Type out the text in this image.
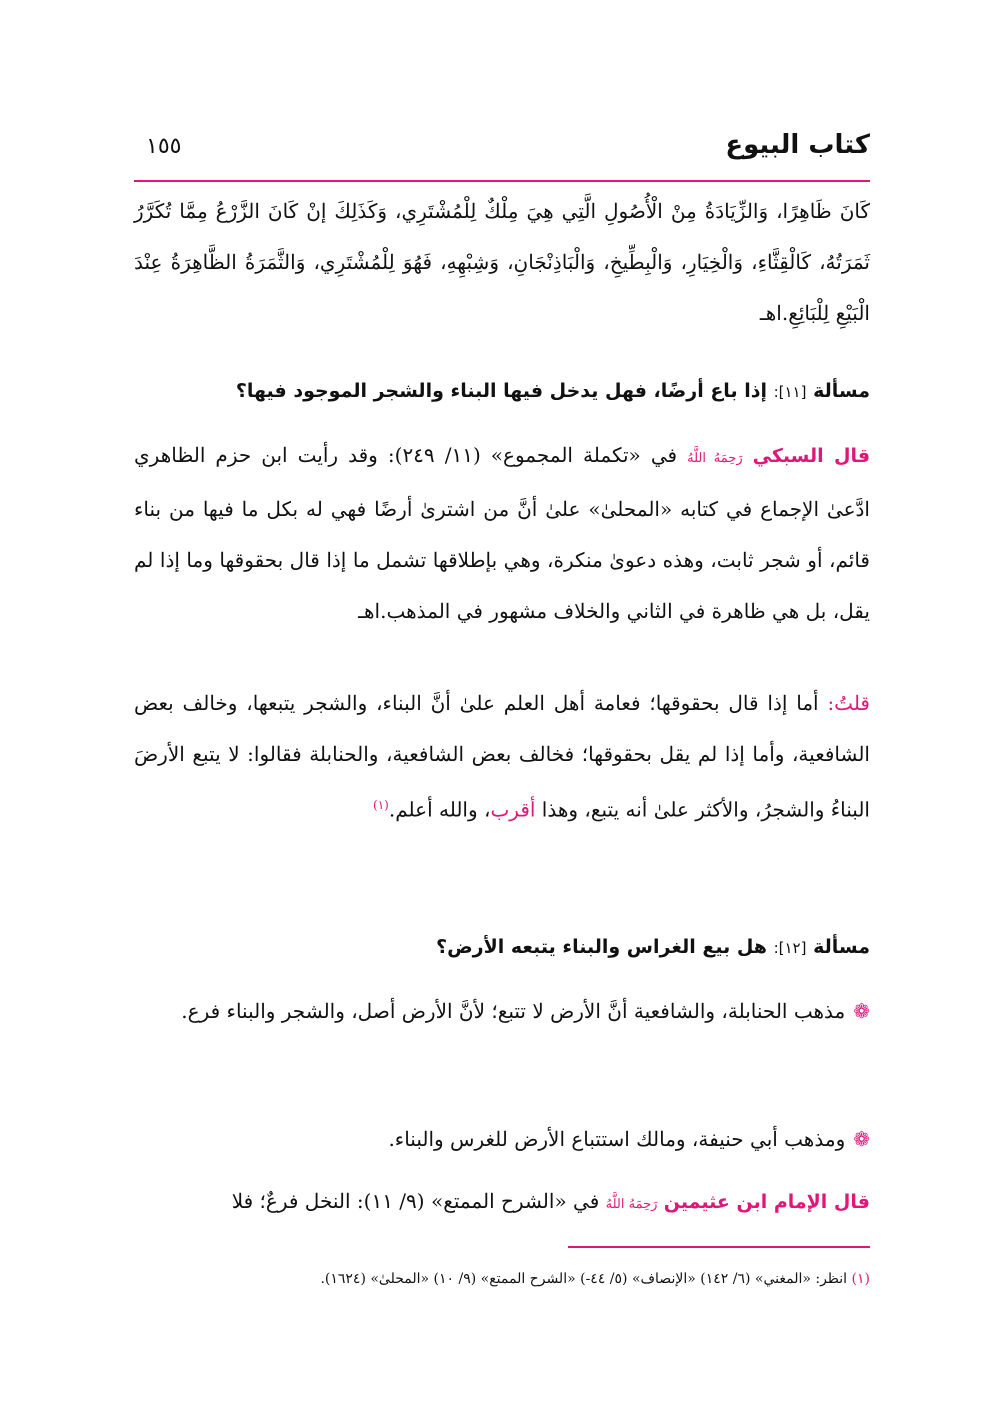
كتاب البيوع
١٥٥
كَانَ ظَاهِرًا، وَالزِّيَادَةُ مِنْ الْأُصُولِ الَّتِي هِيَ مِلْكٌ لِلْمُشْتَرِي، وَكَذَلِكَ إنْ كَانَ الزَّرْعُ مِمَّا تُكَرَّرُ ثَمَرَتُهُ، كَالْقِثَّاءِ، وَالْخِيَارِ، وَالْبِطِّيخِ، وَالْبَاذِنْجَانِ، وَشِبْهِهِ، فَهُوَ لِلْمُشْتَرِي، وَالثَّمَرَةُ الظَّاهِرَةُ عِنْدَ الْبَيْعِ لِلْبَائِعِ.اهـ
مسألة [١١]: إذا باع أرضًا، فهل يدخل فيها البناء والشجر الموجود فيها؟
قال السبكي رَحِمَهُ اللَّهُ في «تكملة المجموع» (١١/ ٢٤٩): وقد رأيت ابن حزم الظاهري ادَّعىٰ الإجماع في كتابه «المحلىٰ» علىٰ أنَّ من اشترىٰ أرضًا فهي له بكل ما فيها من بناء قائم، أو شجر ثابت، وهذه دعوىٰ منكرة، وهي بإطلاقها تشمل ما إذا قال بحقوقها وما إذا لم يقل، بل هي ظاهرة في الثاني والخلاف مشهور في المذهب.اهـ
قلتُ: أما إذا قال بحقوقها؛ فعامة أهل العلم علىٰ أنَّ البناء، والشجر يتبعها، وخالف بعض الشافعية، وأما إذا لم يقل بحقوقها؛ فخالف بعض الشافعية، والحنابلة فقالوا: لا يتبع الأرضَ البناءُ والشجرُ، والأكثر علىٰ أنه يتبع، وهذا أقرب، والله أعلم.$^{(١)}$
مسألة [١٢]: هل بيع الغراس والبناء يتبعه الأرض؟
❁مذهب الحنابلة، والشافعية أنَّ الأرض لا تتبع؛ لأنَّ الأرض أصل، والشجر والبناء فرع.
❁ومذهب أبي حنيفة، ومالك استتباع الأرض للغرس والبناء.
قال الإمام ابن عثيمين رَحِمَهُ اللَّهُ في «الشرح الممتع» (٩/ ١١): النخل فرعٌ؛ فلا
(١) انظر: «المغني» (٦/ ١٤٢) «الإنصاف» (٥/ ٤٤-) «الشرح الممتع» (٩/ ١٠) «المحلىٰ» (١٦٢٤).
